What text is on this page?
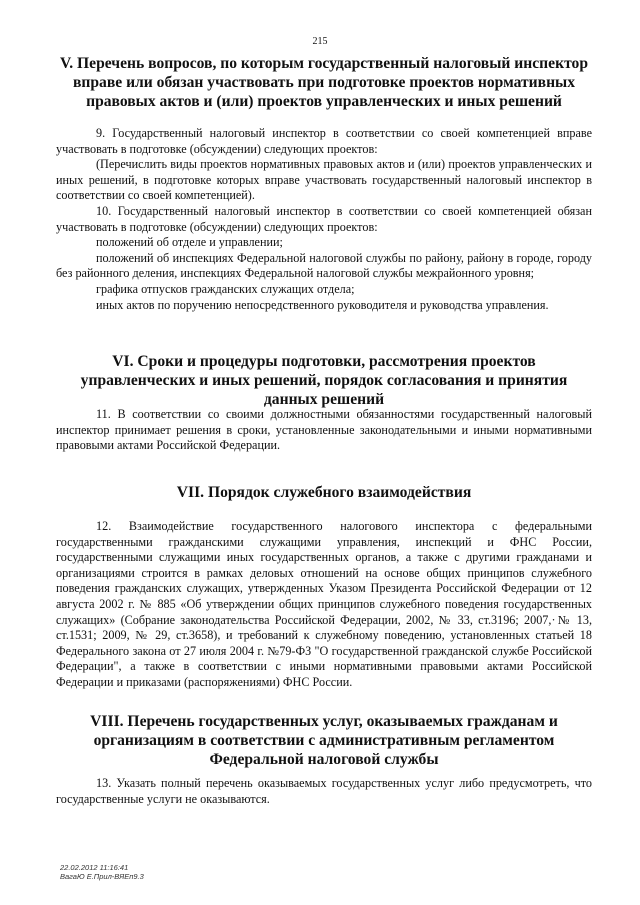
215

V. Перечень вопросов, по которым государственный налоговый инспектор вправе или обязан участвовать при подготовке проектов нормативных правовых актов и (или) проектов управленческих и иных решений

9. Государственный налоговый инспектор в соответствии со своей компетенцией вправе участвовать в подготовке (обсуждении) следующих проектов:

(Перечислить виды проектов нормативных правовых актов и (или) проектов управленческих и иных решений, в подготовке которых вправе участвовать государственный налоговый инспектор в соответствии со своей компетенцией).

10. Государственный налоговый инспектор в соответствии со своей компетенцией обязан участвовать в подготовке (обсуждении) следующих проектов:

положений об отделе и управлении;

положений об инспекциях Федеральной налоговой службы по району, району в городе, городу без районного деления, инспекциях Федеральной налоговой службы межрайонного уровня;

графика отпусков гражданских служащих отдела;

иных актов по поручению непосредственного руководителя и руководства управления.

VI. Сроки и процедуры подготовки, рассмотрения проектов управленческих и иных решений, порядок согласования и принятия данных решений

11. В соответствии со своими должностными обязанностями государственный налоговый инспектор принимает решения в сроки, установленные законодательными и иными нормативными правовыми актами Российской Федерации.

VII. Порядок служебного взаимодействия

12. Взаимодействие государственного налогового инспектора с федеральными государственными гражданскими служащими управления, инспекций и ФНС России, государственными служащими иных государственных органов, а также с другими гражданами и организациями строится в рамках деловых отношений на основе общих принципов служебного поведения гражданских служащих, утвержденных Указом Президента Российской Федерации от 12 августа 2002 г. № 885 «Об утверждении общих принципов служебного поведения государственных служащих» (Собрание законодательства Российской Федерации, 2002, № 33, ст.3196; 2007,·№ 13, ст.1531; 2009, № 29, ст.3658), и требований к служебному поведению, установленных статьей 18 Федерального закона от 27 июля 2004 г. №79-ФЗ "О государственной гражданской службе Российской Федерации", а также в соответствии с иными нормативными правовыми актами Российской Федерации и приказами (распоряжениями) ФНС России.

VIII. Перечень государственных услуг, оказываемых гражданам и организациям в соответствии с административным регламентом Федеральной налоговой службы

13. Указать полный перечень оказываемых государственных услуг либо предусмотреть, что государственные услуги не оказываются.

22.02.2012 11:16:41
ВагаЮ Е.Прил-ВЯЕп9.3
